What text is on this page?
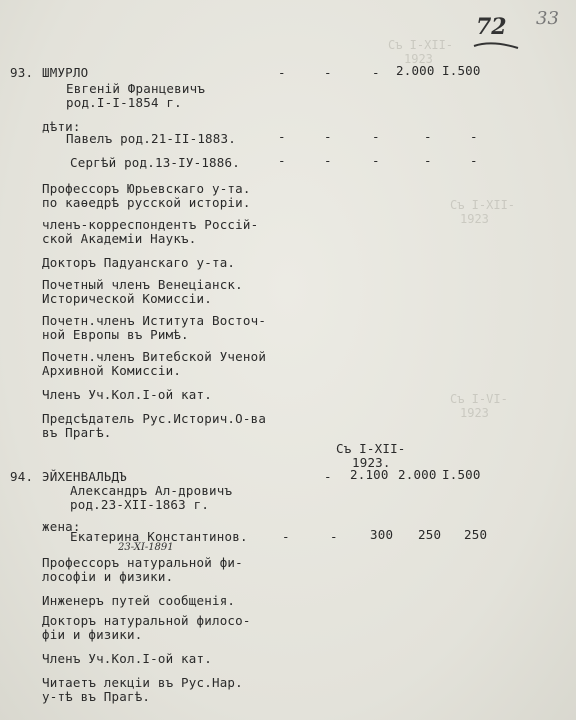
Съ I-XII-
1923
Съ I-XII-
1923
Съ I-VI-
1923
72 33
93. ШМУРЛО	-	-	- 2.000 I.500
Евгеній Францевичъ
род.I-I-1854 г.
дѣти:
Павелъ род.21-II-1883.	-	-	-	-	-
Сергѣй род.13-IУ-1886.	-	-	-	-	-
Профессоръ Юрьевскаго у-та.
по каѳедрѣ русской исторіи.
членъ-корреспондентъ Россій-
ской Академіи Наукъ.
Докторъ Падуанскаго у-та.
Почетный членъ Венеціанск.
Исторической Комиссіи.
Почетн.членъ Иститута Восточ-
ной Европы въ Римѣ.
Почетн.членъ Витебской Ученой
Архивной Комиссіи.
Членъ Уч.Кол.I-ой кат.
Предсѣдатель Рус.Историч.О-ва
въ Прагѣ.
Съ I-XII-
1923.
94. ЭЙХЕНВАЛЬДЪ	- 2.100 2.000 I.500
Александръ Ал-дровичъ
род.23-XII-1863 г.
жена:
Екатерина Константинов.	-	-	300 250 250
23-XI-1891
Профессоръ натуральной фи-
лософіи и физики.
Инженеръ путей сообщенія.
Докторъ натуральной филосо-
фіи и физики.
Членъ Уч.Кол.I-ой кат.
Читаетъ лекціи въ Рус.Нар.
у-тѣ въ Прагѣ.
